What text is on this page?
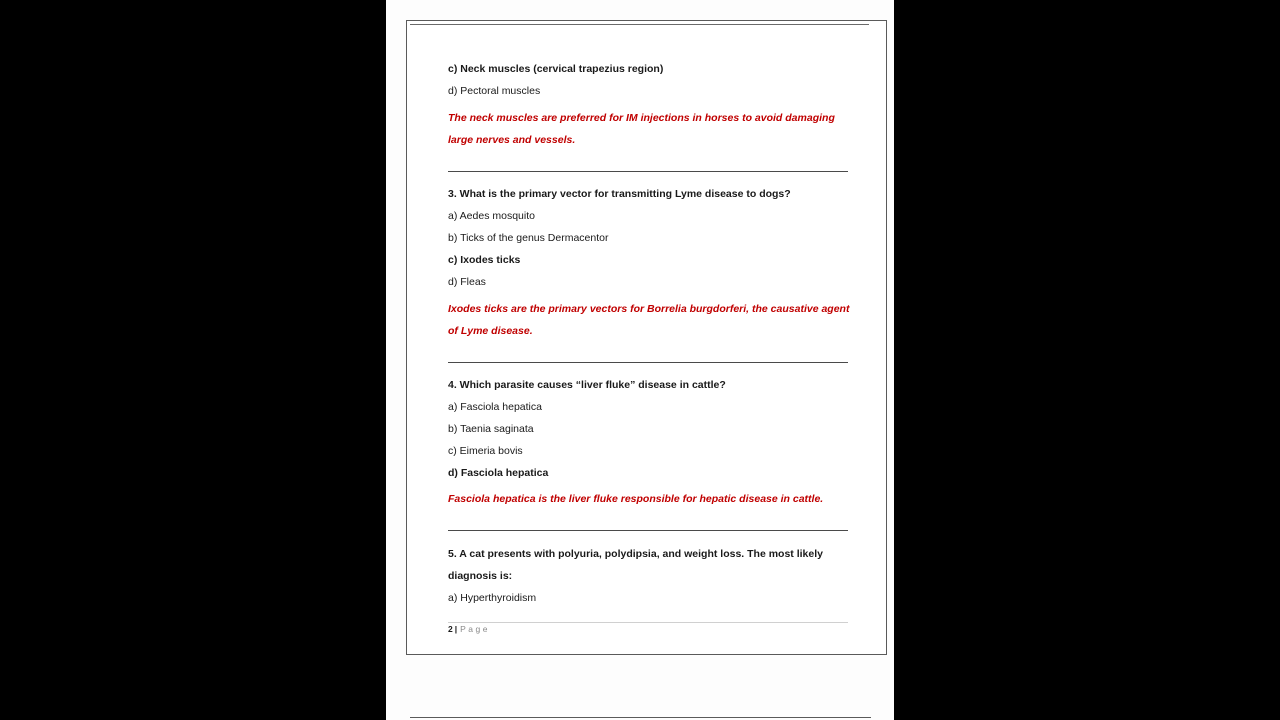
c) Neck muscles (cervical trapezius region)
d) Pectoral muscles
The neck muscles are preferred for IM injections in horses to avoid damaging
large nerves and vessels.
3. What is the primary vector for transmitting Lyme disease to dogs?
a) Aedes mosquito
b) Ticks of the genus Dermacentor
c) Ixodes ticks
d) Fleas
Ixodes ticks are the primary vectors for Borrelia burgdorferi, the causative agent
of Lyme disease.
4. Which parasite causes “liver fluke” disease in cattle?
a) Fasciola hepatica
b) Taenia saginata
c) Eimeria bovis
d) Fasciola hepatica
Fasciola hepatica is the liver fluke responsible for hepatic disease in cattle.
5. A cat presents with polyuria, polydipsia, and weight loss. The most likely
diagnosis is:
a) Hyperthyroidism
2 | Page
